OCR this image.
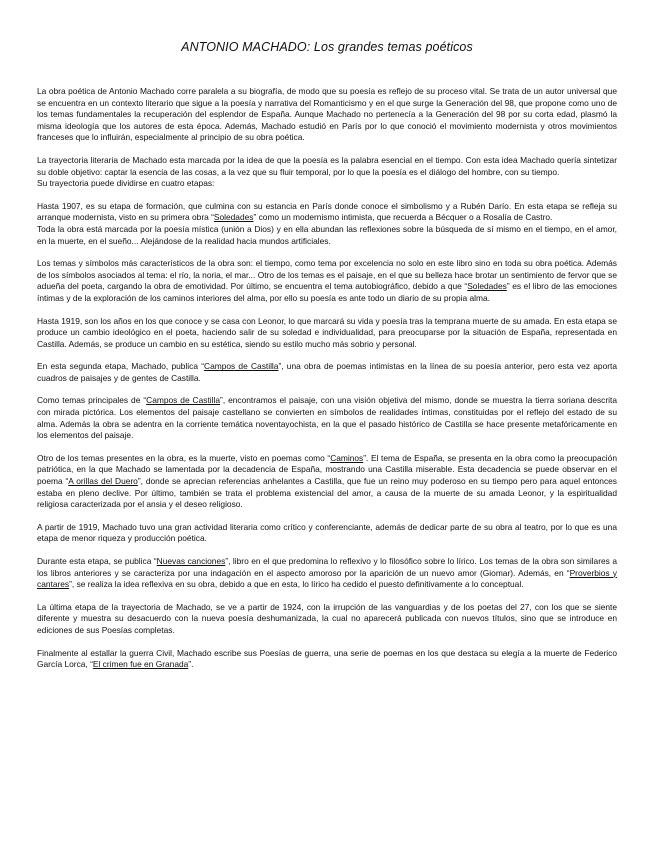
ANTONIO MACHADO: Los grandes temas poéticos

La obra poética de Antonio Machado corre paralela a su biografía, de modo que su poesía es reflejo de su proceso vital. Se trata de un autor universal que se encuentra en un contexto literario que sigue a la poesía y narrativa del Romanticismo y en el que surge la Generación del 98, que propone como uno de los temas fundamentales la recuperación del esplendor de España. Aunque Machado no pertenecía a la Generación del 98 por su corta edad, plasmó la misma ideología que los autores de esta época. Además, Machado estudió en París por lo que conoció el movimiento modernista y otros movimientos franceses que lo influirán, especialmente al principio de su obra poética.

La trayectoria literaria de Machado esta marcada por la idea de que la poesía es la palabra esencial en el tiempo. Con esta idea Machado quería sintetizar su doble objetivo: captar la esencia de las cosas, a la vez que su fluir temporal, por lo que la poesía es el diálogo del hombre, con su tiempo.

Su trayectoria puede dividirse en cuatro etapas:

Hasta 1907, es su etapa de formación, que culmina con su estancia en París donde conoce el simbolismo y a Rubén Darío. En esta etapa se refleja su arranque modernista, visto en su primera obra “Soledades” como un modernismo intimista, que recuerda a Bécquer o a Rosalía de Castro.

Toda la obra está marcada por la poesía mística (unión a Dios) y en ella abundan las reflexiones sobre la búsqueda de sí mismo en el tiempo, en el amor, en la muerte, en el sueño... Alejándose de la realidad hacia mundos artificiales.

Los temas y símbolos más característicos de la obra son: el tiempo, como tema por excelencia no solo en este libro sino en toda su obra poética. Además de los símbolos asociados al tema: el río, la noria, el mar... Otro de los temas es el paisaje, en el que su belleza hace brotar un sentimiento de fervor que se adueña del poeta, cargando la obra de emotividad. Por último, se encuentra el tema autobiográfico, debido a que “Soledades” es el libro de las emociones íntimas y de la exploración de los caminos interiores del alma, por ello su poesía es ante todo un diario de su propia alma.

Hasta 1919, son los años en los que conoce y se casa con Leonor, lo que marcará su vida y poesía tras la temprana muerte de su amada. En esta etapa se produce un cambio ideológico en el poeta, haciendo salir de su soledad e individualidad, para preocuparse por la situación de España, representada en Castilla. Además, se produce un cambio en su estética, siendo su estilo mucho más sobrio y personal.

En esta segunda etapa, Machado, publica “Campos de Castilla”, una obra de poemas intimistas en la línea de su poesía anterior, pero esta vez aporta cuadros de paisajes y de gentes de Castilla.

Como temas principales de “Campos de Castilla”, encontramos el paisaje, con una visión objetiva del mismo, donde se muestra la tierra soriana descrita con mirada pictórica. Los elementos del paisaje castellano se convierten en símbolos de realidades íntimas, constituidas por el reflejo del estado de su alma. Además la obra se adentra en la corriente temática noventayochista, en la que el pasado histórico de Castilla se hace presente metafóricamente en los elementos del paisaje.

Otro de los temas presentes en la obra, es la muerte, visto en poemas como “Caminos”. El tema de España, se presenta en la obra como la preocupación patriótica, en la que Machado se lamentada por la decadencia de España, mostrando una Castilla miserable. Esta decadencia se puede observar en el poema “A orillas del Duero”, donde se aprecian referencias anhelantes a Castilla, que fue un reino muy poderoso en su tiempo pero para aquel entonces estaba en pleno declive. Por último, también se trata el problema existencial del amor, a causa de la muerte de su amada Leonor, y la espiritualidad religiosa caracterizada por el ansia y el deseo religioso.

A partir de 1919, Machado tuvo una gran actividad literaria como crítico y conferenciante, además de dedicar parte de su obra al teatro, por lo que es una etapa de menor riqueza y producción poética.

Durante esta etapa, se publica “Nuevas canciones”, libro en el que predomina lo reflexivo y lo filosófico sobre lo lírico. Los temas de la obra son similares a los libros anteriores y se caracteriza por una indagación en el aspecto amoroso por la aparición de un nuevo amor (Giomar). Además, en “Proverbios y cantares”, se realiza la idea reflexiva en su obra, debido a que en esta, lo lírico ha cedido el puesto definitivamente a lo conceptual.

La última etapa de la trayectoria de Machado, se ve a partir de 1924, con la irrupción de las vanguardias y de los poetas del 27, con los que se siente diferente y muestra su desacuerdo con la nueva poesía deshumanizada, la cual no aparecerá publicada con nuevos títulos, sino que se introduce en ediciones de sus Poesías completas.

Finalmente al estallar la guerra Civil, Machado escribe sus Poesías de guerra, una serie de poemas en los que destaca su elegía a la muerte de Federico García Lorca, “El crimen fue en Granada”.
